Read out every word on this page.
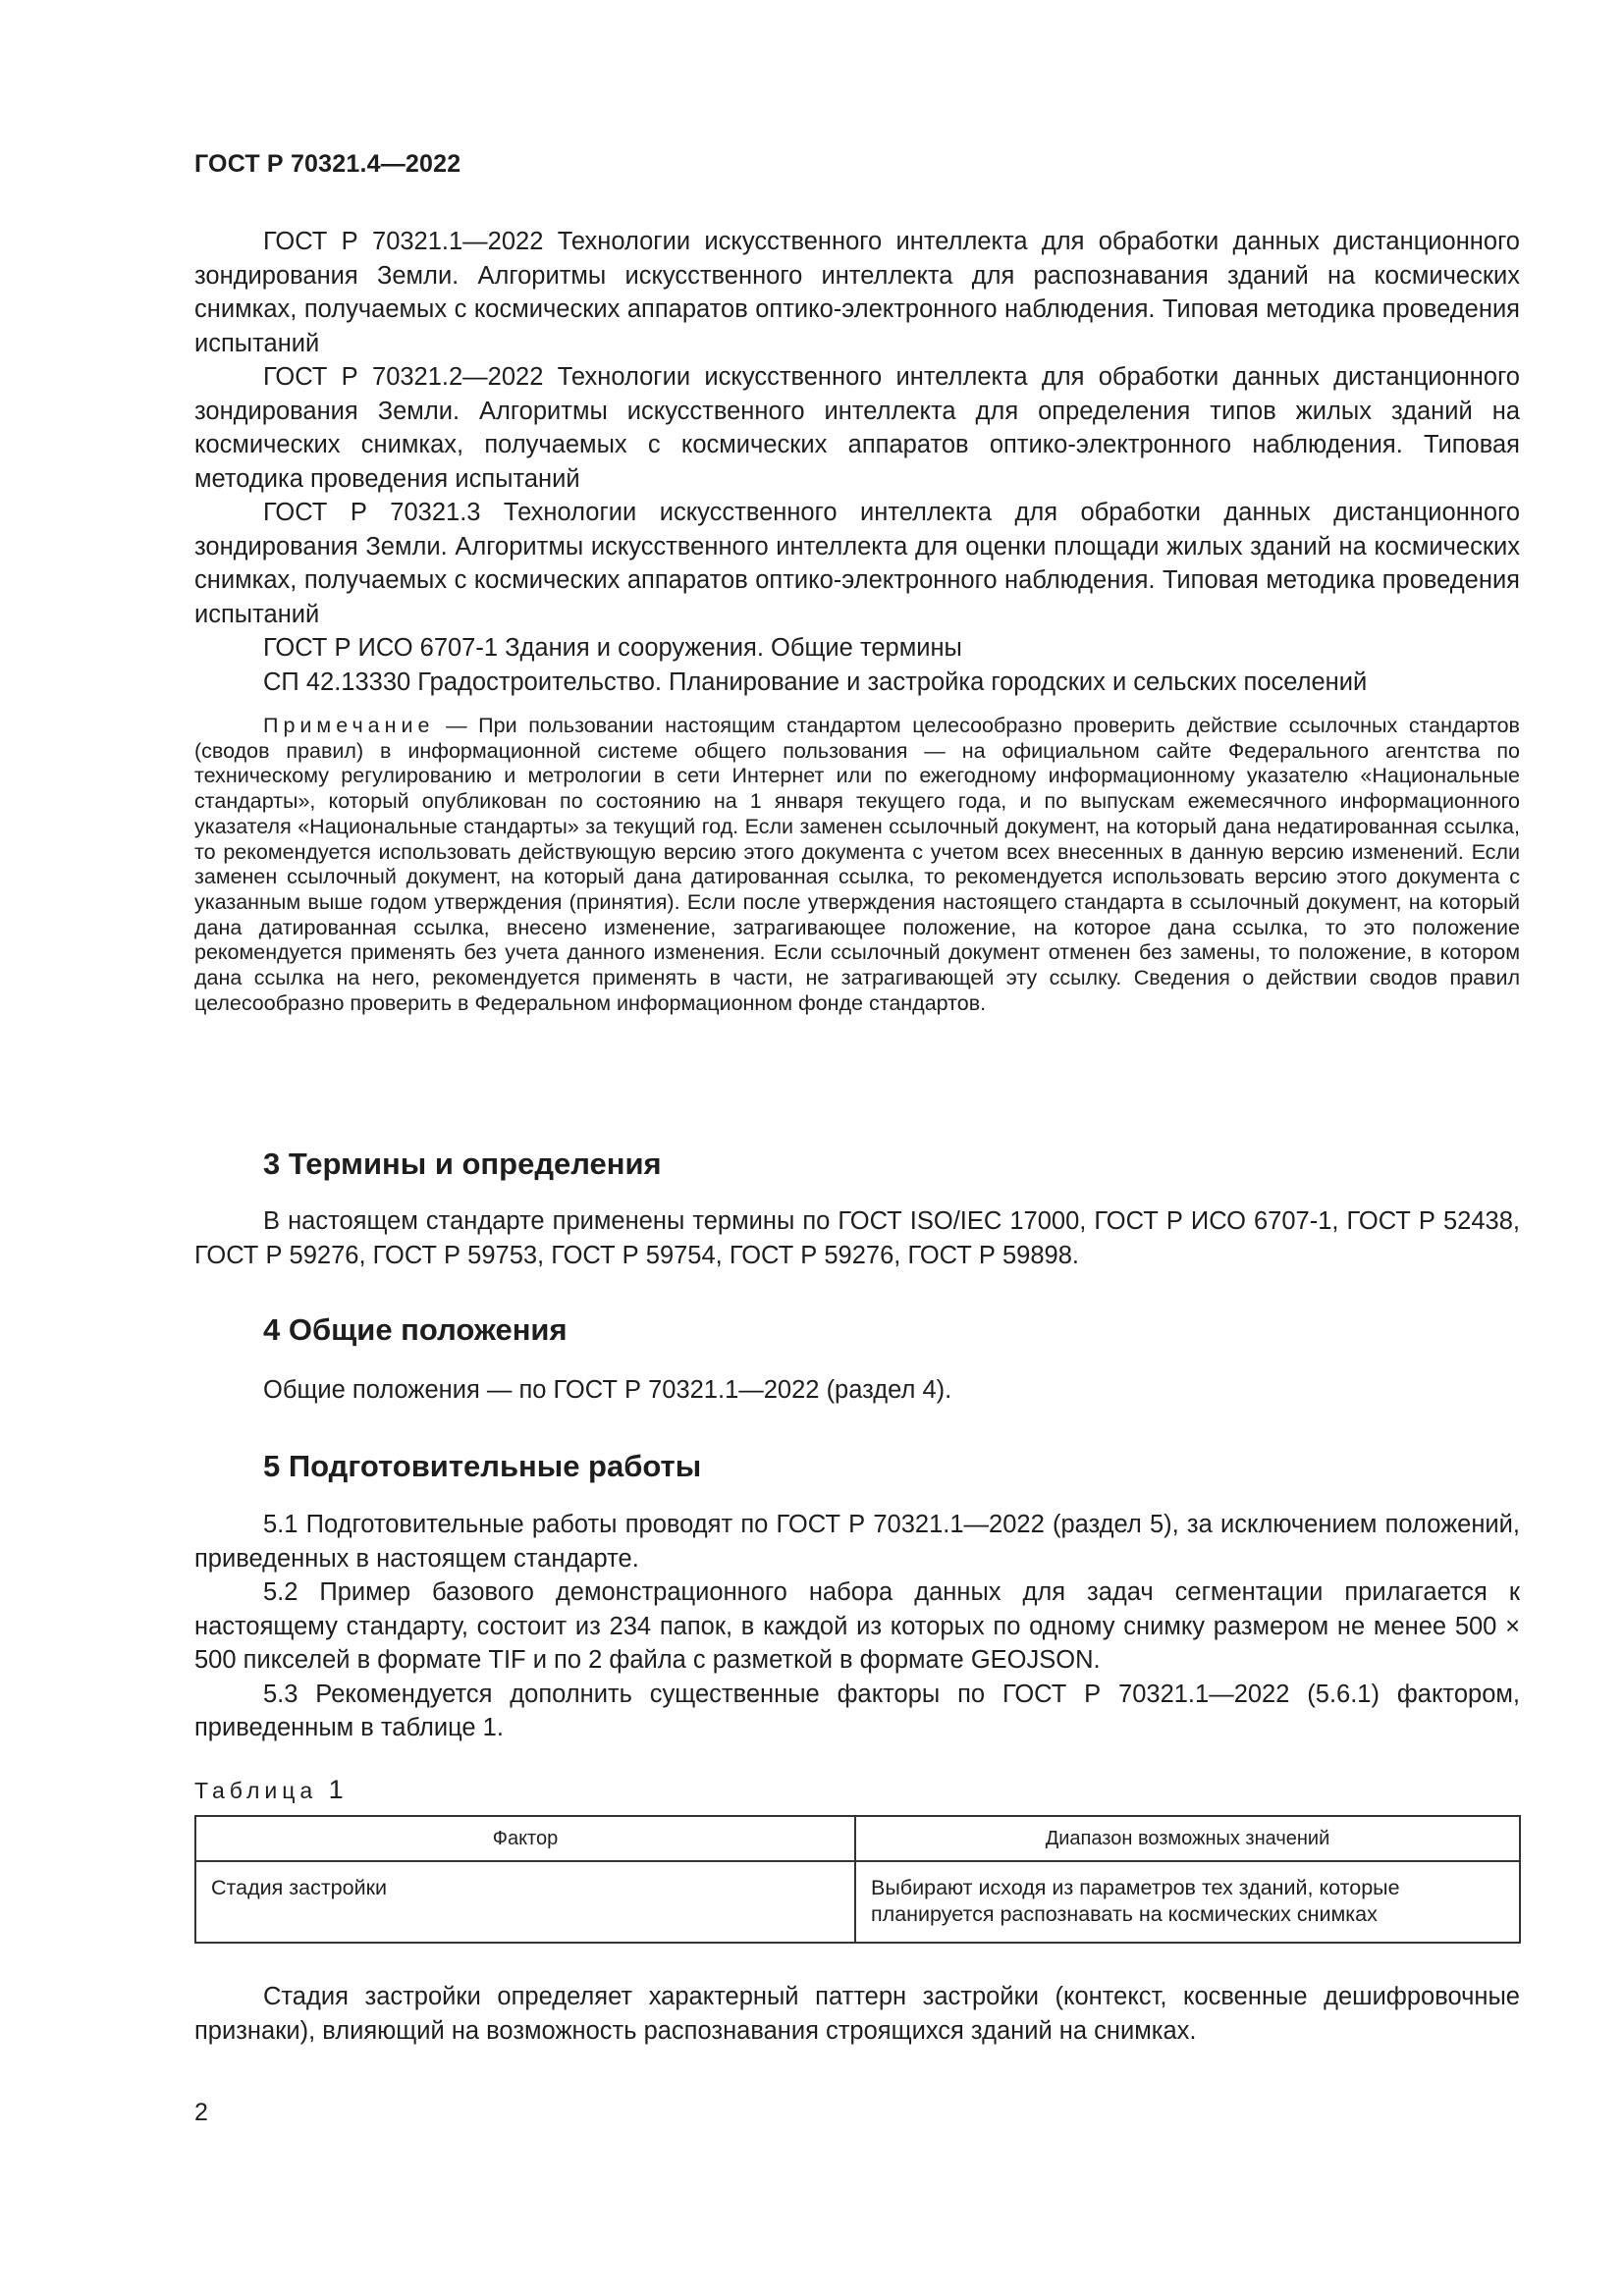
ГОСТ Р 70321.4—2022

ГОСТ Р 70321.1—2022 Технологии искусственного интеллекта для обработки данных дистанционного зондирования Земли. Алгоритмы искусственного интеллекта для распознавания зданий на космических снимках, получаемых с космических аппаратов оптико-электронного наблюдения. Типовая методика проведения испытаний

ГОСТ Р 70321.2—2022 Технологии искусственного интеллекта для обработки данных дистанционного зондирования Земли. Алгоритмы искусственного интеллекта для определения типов жилых зданий на космических снимках, получаемых с космических аппаратов оптико-электронного наблюдения. Типовая методика проведения испытаний

ГОСТ Р 70321.3 Технологии искусственного интеллекта для обработки данных дистанционного зондирования Земли. Алгоритмы искусственного интеллекта для оценки площади жилых зданий на космических снимках, получаемых с космических аппаратов оптико-электронного наблюдения. Типовая методика проведения испытаний

ГОСТ Р ИСО 6707-1 Здания и сооружения. Общие термины

СП 42.13330 Градостроительство. Планирование и застройка городских и сельских поселений

Примечание — При пользовании настоящим стандартом целесообразно проверить действие ссылочных стандартов (сводов правил) в информационной системе общего пользования — на официальном сайте Федерального агентства по техническому регулированию и метрологии в сети Интернет или по ежегодному информационному указателю «Национальные стандарты», который опубликован по состоянию на 1 января текущего года, и по выпускам ежемесячного информационного указателя «Национальные стандарты» за текущий год. Если заменен ссылочный документ, на который дана недатированная ссылка, то рекомендуется использовать действующую версию этого документа с учетом всех внесенных в данную версию изменений. Если заменен ссылочный документ, на который дана датированная ссылка, то рекомендуется использовать версию этого документа с указанным выше годом утверждения (принятия). Если после утверждения настоящего стандарта в ссылочный документ, на который дана датированная ссылка, внесено изменение, затрагивающее положение, на которое дана ссылка, то это положение рекомендуется применять без учета данного изменения. Если ссылочный документ отменен без замены, то положение, в котором дана ссылка на него, рекомендуется применять в части, не затрагивающей эту ссылку. Сведения о действии сводов правил целесообразно проверить в Федеральном информационном фонде стандартов.

3 Термины и определения

В настоящем стандарте применены термины по ГОСТ ISO/IEC 17000, ГОСТ Р ИСО 6707-1, ГОСТ Р 52438, ГОСТ Р 59276, ГОСТ Р 59753, ГОСТ Р 59754, ГОСТ Р 59276, ГОСТ Р 59898.

4 Общие положения

Общие положения — по ГОСТ Р 70321.1—2022 (раздел 4).

5 Подготовительные работы

5.1 Подготовительные работы проводят по ГОСТ Р 70321.1—2022 (раздел 5), за исключением положений, приведенных в настоящем стандарте.

5.2 Пример базового демонстрационного набора данных для задач сегментации прилагается к настоящему стандарту, состоит из 234 папок, в каждой из которых по одному снимку размером не менее 500 × 500 пикселей в формате TIF и по 2 файла с разметкой в формате GEOJSON.

5.3 Рекомендуется дополнить существенные факторы по ГОСТ Р 70321.1—2022 (5.6.1) фактором, приведенным в таблице 1.

Таблица 1
Фактор	Диапазон возможных значений
Стадия застройки	Выбирают исходя из параметров тех зданий, которые планируется распознавать на космических снимках

Стадия застройки определяет характерный паттерн застройки (контекст, косвенные дешифровочные признаки), влияющий на возможность распознавания строящихся зданий на снимках.

2
